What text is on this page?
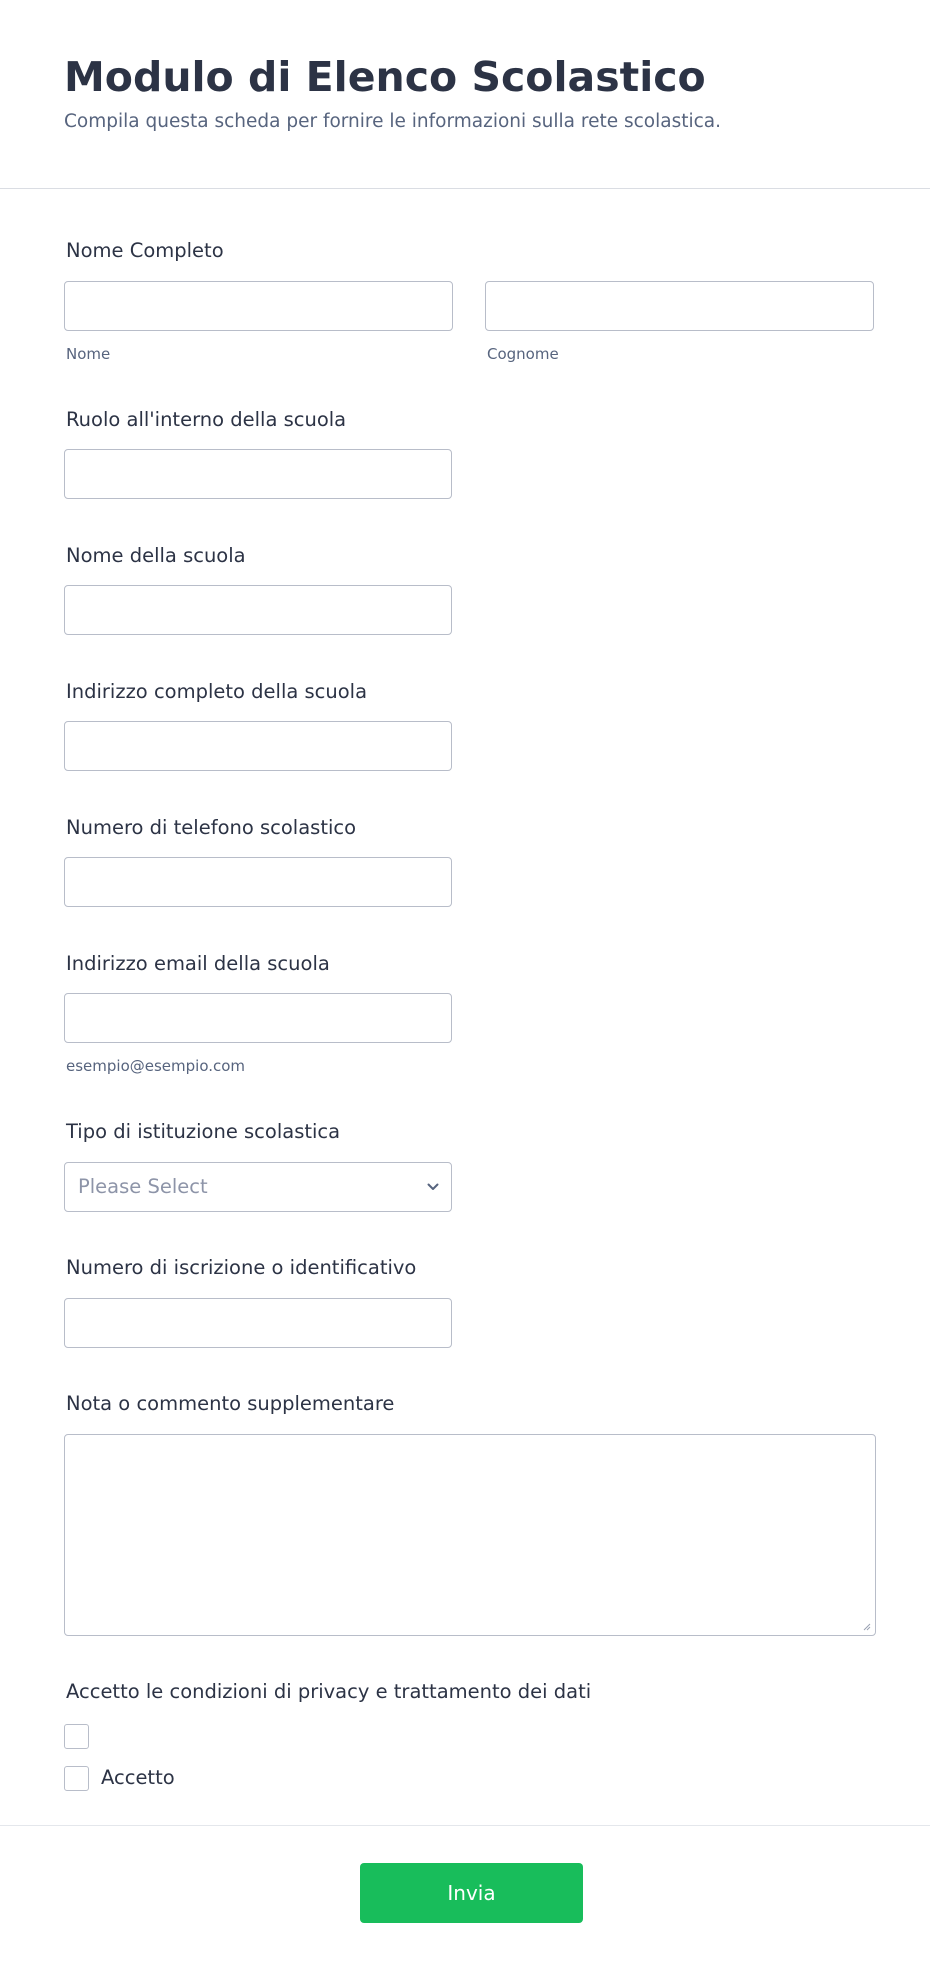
Modulo di Elenco Scolastico
Compila questa scheda per fornire le informazioni sulla rete scolastica.
Nome Completo
Nome	Cognome
Ruolo all'interno della scuola
Nome della scuola
Indirizzo completo della scuola
Numero di telefono scolastico
Indirizzo email della scuola
esempio@esempio.com
Tipo di istituzione scolastica
Please Select
Numero di iscrizione o identificativo
Nota o commento supplementare
Accetto le condizioni di privacy e trattamento dei dati
Accetto
Invia
